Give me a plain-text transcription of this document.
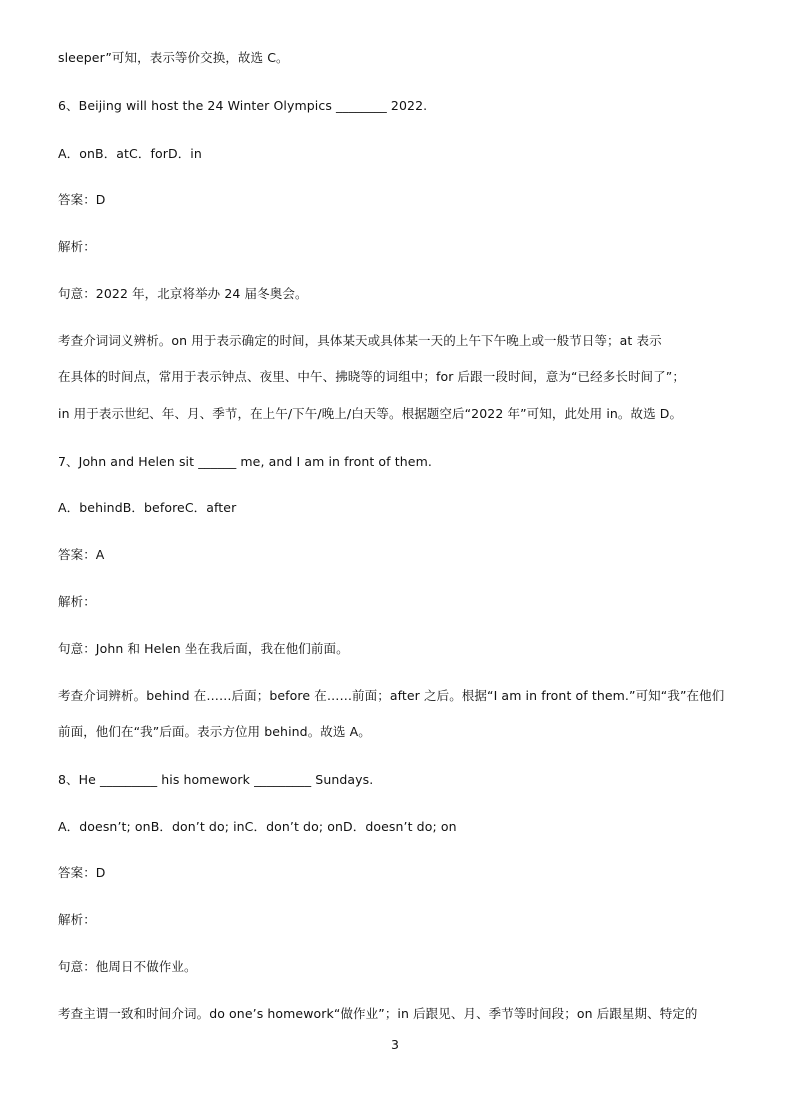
sleeper”可知，表示等价交换，故选 C。
6、Beijing will host the 24 Winter Olympics ________ 2022.
A．onB．atC．forD．in
答案：D
解析：
句意：2022 年，北京将举办 24 届冬奥会。
考查介词词义辨析。on 用于表示确定的时间，具体某天或具体某一天的上午下午晚上或一般节日等；at 表示
在具体的时间点，常用于表示钟点、夜里、中午、拂晓等的词组中；for 后跟一段时间，意为“已经多长时间了”；
in 用于表示世纪、年、月、季节，在上午/下午/晚上/白天等。根据题空后“2022 年”可知，此处用 in。故选 D。
7、John and Helen sit ______ me, and I am in front of them.
A．behindB．beforeC．after
答案：A
解析：
句意：John 和 Helen 坐在我后面，我在他们前面。
考查介词辨析。behind 在……后面；before 在……前面；after 之后。根据“I am in front of them.”可知“我”在他们
前面，他们在“我”后面。表示方位用 behind。故选 A。
8、He _________ his homework _________ Sundays.
A．doesn’t; onB．don’t do; inC．don’t do; onD．doesn’t do; on
答案：D
解析：
句意：他周日不做作业。
考查主谓一致和时间介词。do one’s homework“做作业”；in 后跟见、月、季节等时间段；on 后跟星期、特定的
3
